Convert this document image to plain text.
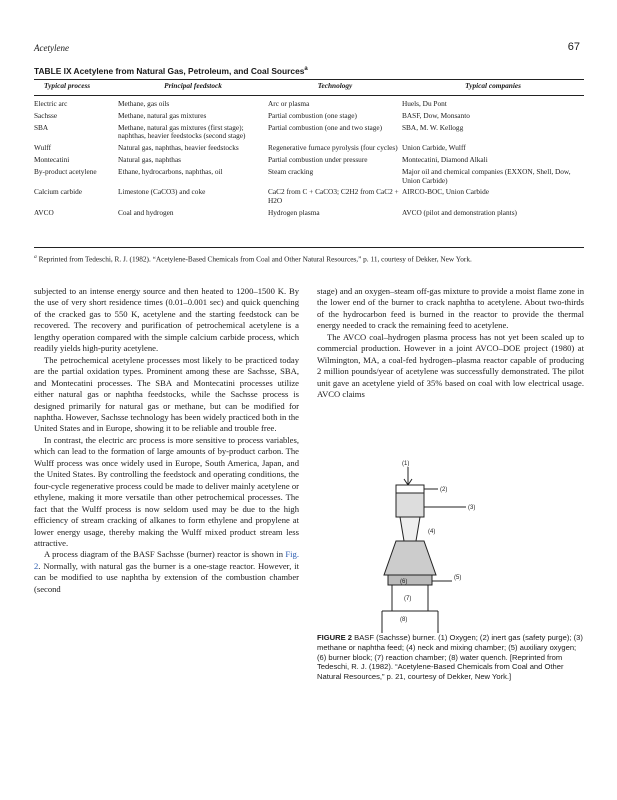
Acetylene	67
TABLE IX Acetylene from Natural Gas, Petroleum, and Coal Sources$^a$
Typical process	Principal feedstock	Technology	Typical companies
Electric arc	Methane, gas oils	Arc or plasma	Huels, Du Pont
Sachsse	Methane, natural gas mixtures	Partial combustion (one stage)	BASF, Dow, Monsanto
SBA	Methane, natural gas mixtures (first stage); naphthas, heavier feedstocks (second stage)	Partial combustion (one and two stage)	SBA, M. W. Kellogg
Wulff	Natural gas, naphthas, heavier feedstocks	Regenerative furnace pyrolysis (four cycles)	Union Carbide, Wulff
Montecatini	Natural gas, naphthas	Partial combustion under pressure	Montecatini, Diamond Alkali
By-product acetylene	Ethane, hydrocarbons, naphthas, oil	Steam cracking	Major oil and chemical companies (EXXON, Shell, Dow, Union Carbide)
Calcium carbide	Limestone (CaCO3) and coke	CaC2 from C + CaCO3; C2H2 from CaC2 + H2O	AIRCO-BOC, Union Carbide
AVCO	Coal and hydrogen	Hydrogen plasma	AVCO (pilot and demonstration plants)
$^a$ Reprinted from Tedeschi, R. J. (1982). “Acetylene-Based Chemicals from Coal and Other Natural Resources,” p. 11, courtesy of Dekker, New York.

subjected to an intense energy source and then heated to 1200–1500 K. By the use of very short residence times (0.01–0.001 sec) and quick quenching of the cracked gas to 550 K, acetylene and the starting feedstock can be recovered. The recovery and purification of petrochemical acetylene is a lengthy operation compared with the simple calcium carbide process, which readily yields high-purity acetylene.

The petrochemical acetylene processes most likely to be practiced today are the partial oxidation types. Prominent among these are Sachsse, SBA, and Montecatini processes. The SBA and Montecatini processes utilize either natural gas or naphtha feedstocks, while the Sachsse process is designed primarily for natural gas or methane, but can be modified for naphtha. However, Sachsse technology has been widely practiced both in the United States and in Europe, showing it to be reliable and trouble free.

In contrast, the electric arc process is more sensitive to process variables, which can lead to the formation of large amounts of by-product carbon. The Wulff process was once widely used in Europe, South America, Japan, and the United States. By controlling the feedstock and operating conditions, the four-cycle regenerative process could be made to deliver mainly acetylene or ethylene, making it more versatile than other petrochemical processes. The fact that the Wulff process is now seldom used may be due to the high efficiency of stream cracking of alkanes to form ethylene and propylene at lower energy usage, thereby making the Wulff mixed product stream less attractive.

A process diagram of the BASF Sachsse (burner) reactor is shown in Fig. 2. Normally, with natural gas the burner is a one-stage reactor. However, it can be modified to use naphtha by extension of the combustion chamber (second

stage) and an oxygen–steam off-gas mixture to provide a moist flame zone in the lower end of the burner to crack naphtha to acetylene. About two-thirds of the hydrocarbon feed is burned in the reactor to provide the thermal energy needed to crack the remaining feed to acetylene.

The AVCO coal–hydrogen plasma process has not yet been scaled up to commercial production. However in a joint AVCO–DOE project (1980) at Wilmington, MA, a coal-fed hydrogen–plasma reactor capable of producing 2 million pounds/year of acetylene was successfully demonstrated. The pilot unit gave an acetylene yield of 35% based on coal with low electrical usage. AVCO claims

(1)
(2)
(3)
(4)
(5)
(6)
(7)
(8)
FIGURE 2 BASF (Sachsse) burner. (1) Oxygen; (2) inert gas (safety purge); (3) methane or naphtha feed; (4) neck and mixing chamber; (5) auxiliary oxygen; (6) burner block; (7) reaction chamber; (8) water quench. [Reprinted from Tedeschi, R. J. (1982). “Acetylene-Based Chemicals from Coal and Other Natural Resources,” p. 21, courtesy of Dekker, New York.]
